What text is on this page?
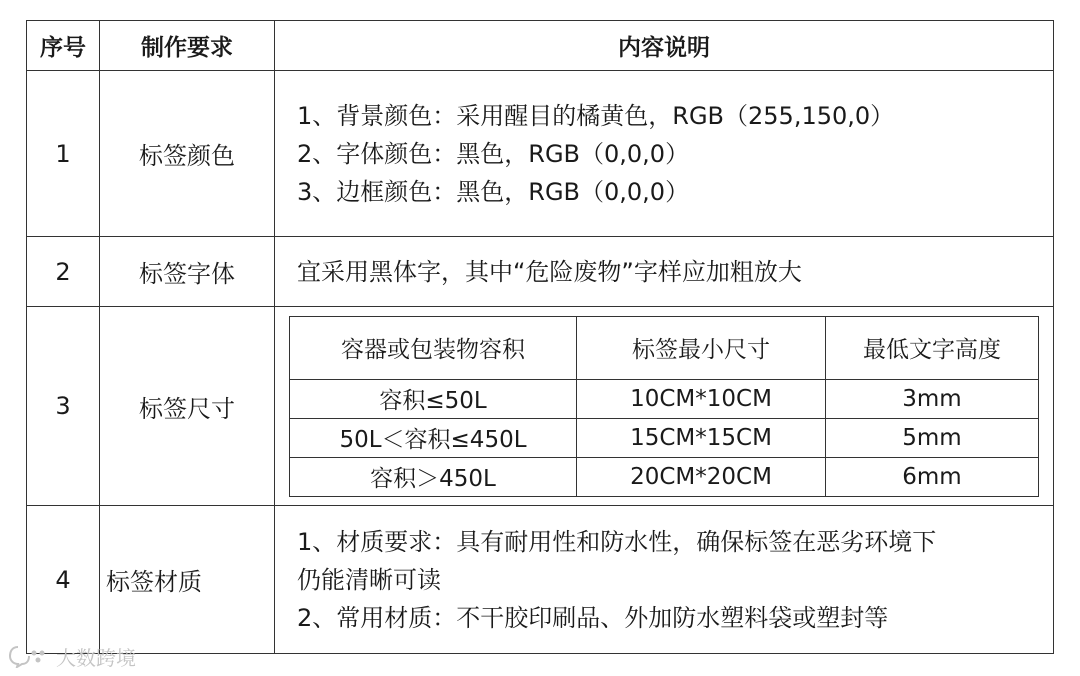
序号	制作要求	内容说明
1	标签颜色	
1、背景颜色：采用醒目的橘黄色，RGB（255,150,0）
2、字体颜色：黑色，RGB（0,0,0）
3、边框颜色：黑色，RGB（0,0,0）

2	标签字体	宜采用黑体字，其中“危险废物”字样应加粗放大

3	标签尺寸	
容器或包装物容积	标签最小尺寸	最低文字高度
容积≤50L	10CM*10CM	3mm
50L＜容积≤450L	15CM*15CM	5mm
容积＞450L	20CM*20CM	6mm

4	标签材质	
1、材质要求：具有耐用性和防水性，确保标签在恶劣环境下
仍能清晰可读
2、常用材质：不干胶印刷品、外加防水塑料袋或塑封等
大数跨境
